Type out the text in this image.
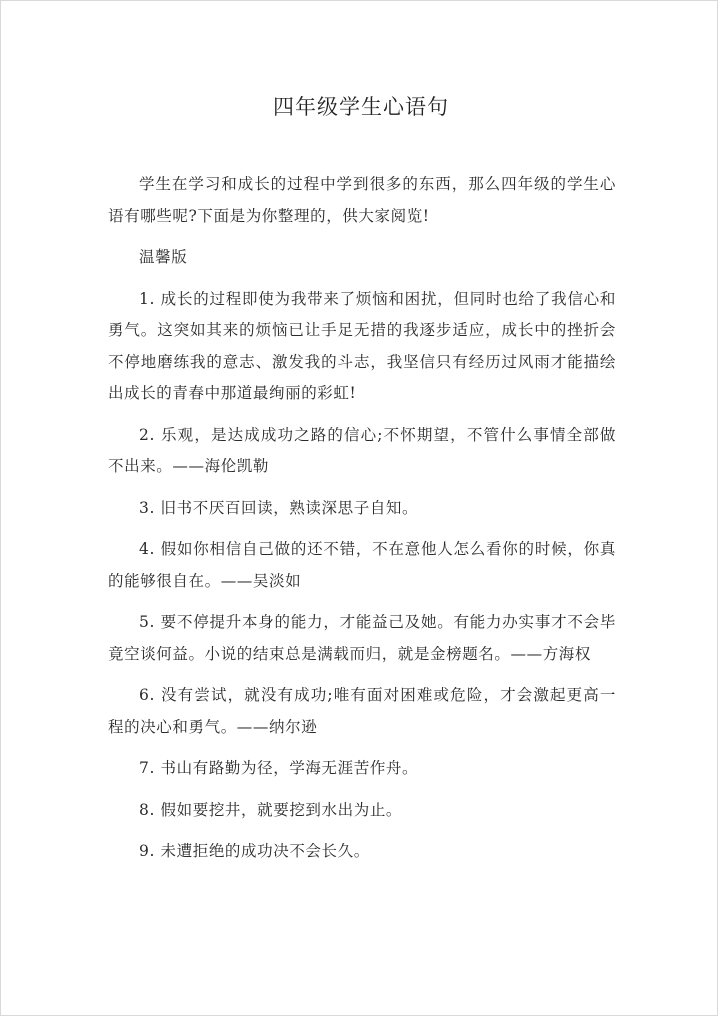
四年级学生心语句

学生在学习和成长的过程中学到很多的东西，那么四年级的学生心语有哪些呢?下面是为你整理的，供大家阅览!

温馨版

1. 成长的过程即使为我带来了烦恼和困扰，但同时也给了我信心和勇气。这突如其来的烦恼已让手足无措的我逐步适应，成长中的挫折会不停地磨练我的意志、激发我的斗志，我坚信只有经历过风雨才能描绘出成长的青春中那道最绚丽的彩虹!

2. 乐观，是达成成功之路的信心;不怀期望，不管什么事情全部做不出来。——海伦凯勒

3. 旧书不厌百回读，熟读深思子自知。

4. 假如你相信自己做的还不错，不在意他人怎么看你的时候，你真的能够很自在。——吴淡如

5. 要不停提升本身的能力，才能益己及她。有能力办实事才不会毕竟空谈何益。小说的结束总是满载而归，就是金榜题名。——方海权

6. 没有尝试，就没有成功;唯有面对困难或危险，才会激起更高一程的决心和勇气。——纳尔逊

7. 书山有路勤为径，学海无涯苦作舟。

8. 假如要挖井，就要挖到水出为止。

9. 未遭拒绝的成功决不会长久。
